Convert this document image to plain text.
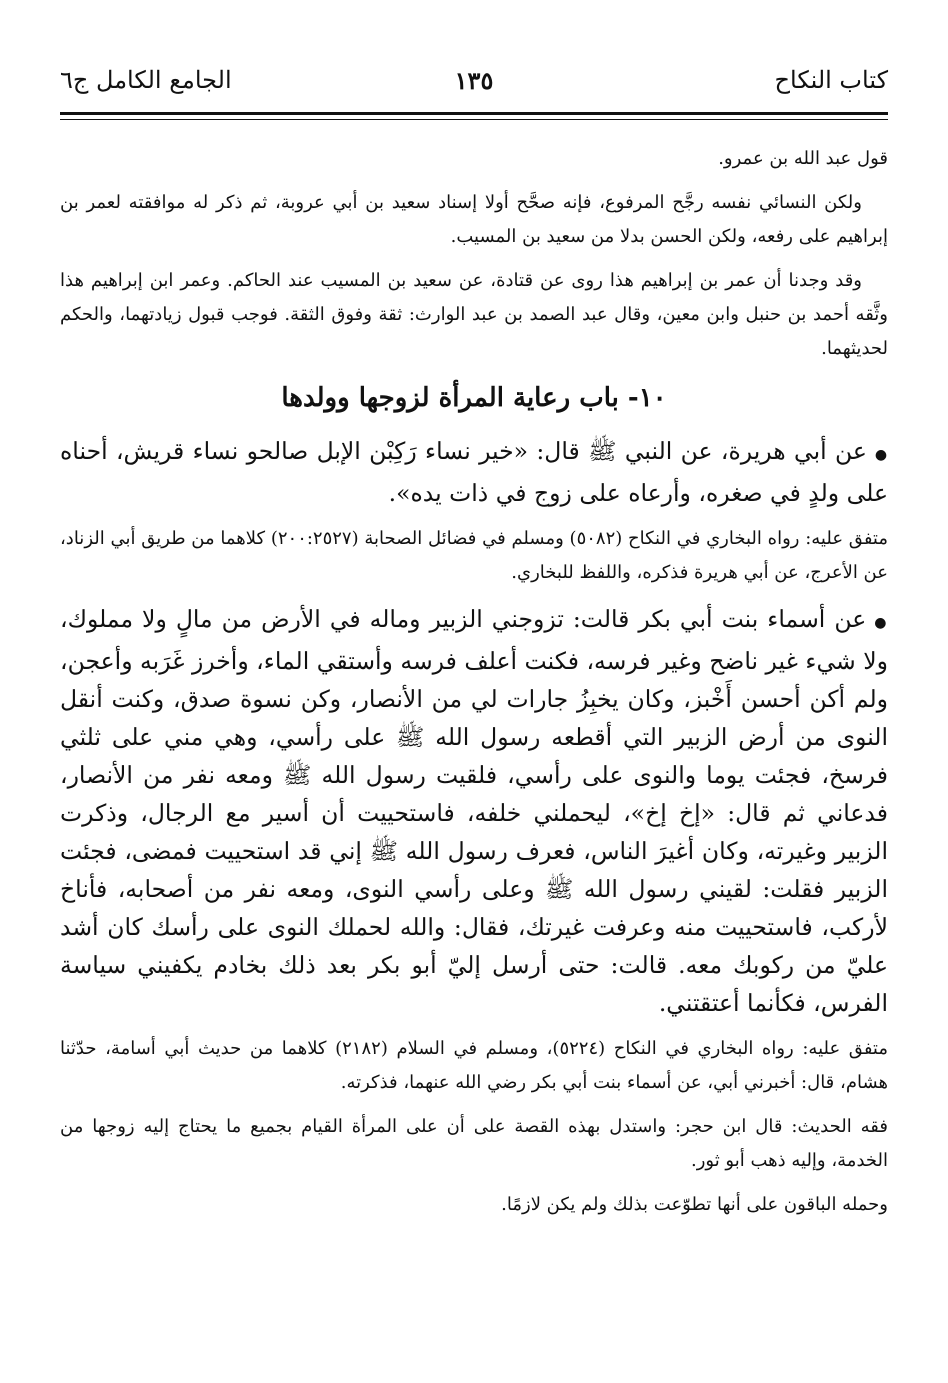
كتاب النكاح
١٣٥
الجامع الكامل ج٦

قول عبد الله بن عمرو.

ولكن النسائي نفسه رجَّح المرفوع، فإنه صحَّح أولا إسناد سعيد بن أبي عروبة، ثم ذكر له موافقته لعمر بن إبراهيم على رفعه، ولكن الحسن بدلا من سعيد بن المسيب.

وقد وجدنا أن عمر بن إبراهيم هذا روى عن قتادة، عن سعيد بن المسيب عند الحاكم. وعمر ابن إبراهيم هذا وثَّقه أحمد بن حنبل وابن معين، وقال عبد الصمد بن عبد الوارث: ثقة وفوق الثقة. فوجب قبول زيادتهما، والحكم لحديثهما.

١٠- باب رعاية المرأة لزوجها وولدها

●عن أبي هريرة، عن النبي ﷺ قال: «خير نساء رَكِبْن الإبل صالحو نساء قريش، أحناه على ولدٍ في صغره، وأرعاه على زوج في ذات يده».

متفق عليه: رواه البخاري في النكاح (٥٠٨٢) ومسلم في فضائل الصحابة (٢٠٠:٢٥٢٧) كلاهما من طريق أبي الزناد، عن الأعرج، عن أبي هريرة فذكره، واللفظ للبخاري.

●عن أسماء بنت أبي بكر قالت: تزوجني الزبير وماله في الأرض من مالٍ ولا مملوك، ولا شيء غير ناضح وغير فرسه، فكنت أعلف فرسه وأستقي الماء، وأخرز غَرَبه وأعجن، ولم أكن أحسن أَخْبز، وكان يخبِزُ جارات لي من الأنصار، وكن نسوة صدق، وكنت أنقل النوى من أرض الزبير التي أقطعه رسول الله ﷺ على رأسي، وهي مني على ثلثي فرسخ، فجئت يوما والنوى على رأسي، فلقيت رسول الله ﷺ ومعه نفر من الأنصار، فدعاني ثم قال: «إخ إخ»، ليحملني خلفه، فاستحييت أن أسير مع الرجال، وذكرت الزبير وغيرته، وكان أغيرَ الناس، فعرف رسول الله ﷺ إني قد استحييت فمضى، فجئت الزبير فقلت: لقيني رسول الله ﷺ وعلى رأسي النوى، ومعه نفر من أصحابه، فأناخ لأركب، فاستحييت منه وعرفت غيرتك، فقال: والله لحملك النوى على رأسك كان أشد عليّ من ركوبك معه. قالت: حتى أرسل إليّ أبو بكر بعد ذلك بخادم يكفيني سياسة الفرس، فكأنما أعتقتني.

متفق عليه: رواه البخاري في النكاح (٥٢٢٤)، ومسلم في السلام (٢١٨٢) كلاهما من حديث أبي أسامة، حدّثنا هشام، قال: أخبرني أبي، عن أسماء بنت أبي بكر رضي الله عنهما، فذكرته.

فقه الحديث: قال ابن حجر: واستدل بهذه القصة على أن على المرأة القيام بجميع ما يحتاج إليه زوجها من الخدمة، وإليه ذهب أبو ثور.

وحمله الباقون على أنها تطوّعت بذلك ولم يكن لازمًا.
